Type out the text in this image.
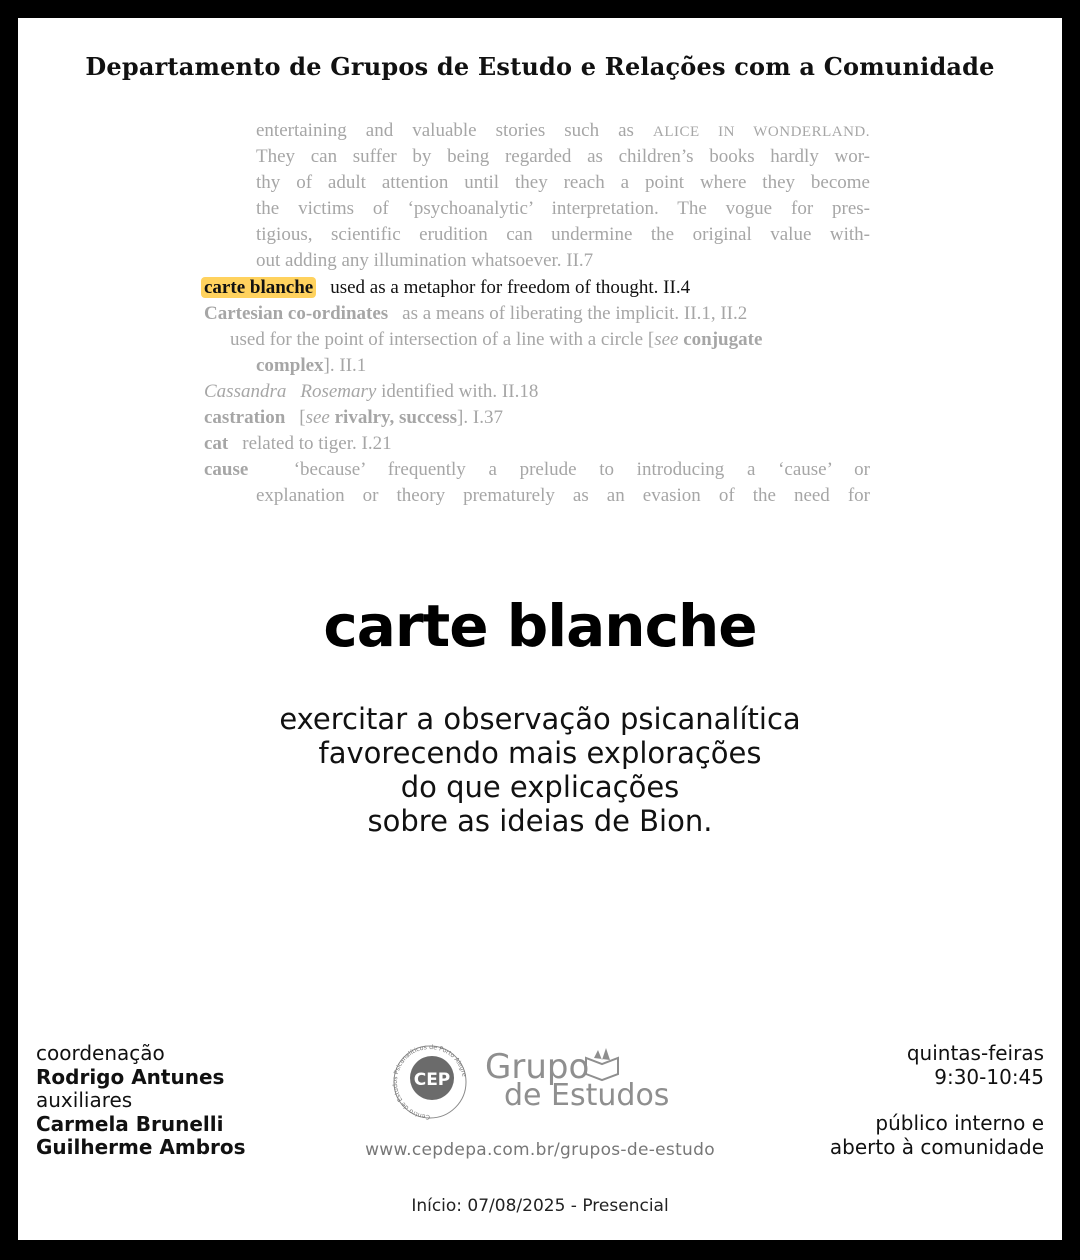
Departamento de Grupos de Estudo e Relações com a Comunidade
entertaining and valuable stories such as ALICE IN WONDERLAND.
They can suffer by being regarded as children’s books hardly wor-
thy of adult attention until they reach a point where they become
the victims of ‘psychoanalytic’ interpretation. The vogue for pres-
tigious, scientific erudition can undermine the original value with-
out adding any illumination whatsoever. II.7
carte blanche used as a metaphor for freedom of thought. II.4
Cartesian co-ordinates as a means of liberating the implicit. II.1, II.2
used for the point of intersection of a line with a circle [see conjugate
complex]. II.1
Cassandra Rosemary identified with. II.18
castration [see rivalry, success]. I.37
cat related to tiger. I.21
cause ‘because’ frequently a prelude to introducing a ‘cause’ or
explanation or theory prematurely as an evasion of the need for
carte blanche
exercitar a observação psicanalítica
favorecendo mais explorações
do que explicações
sobre as ideias de Bion.
coordenação
Rodrigo Antunes
auxiliares
Carmela Brunelli
Guilherme Ambros
Centro de Estudos Psicanalíticos de Porto Alegre
CEP Grupo
de Estudos
www.cepdepa.com.br/grupos-de-estudo
quintas-feiras
9:30-10:45
público interno e
aberto à comunidade
Início: 07/08/2025 - Presencial
